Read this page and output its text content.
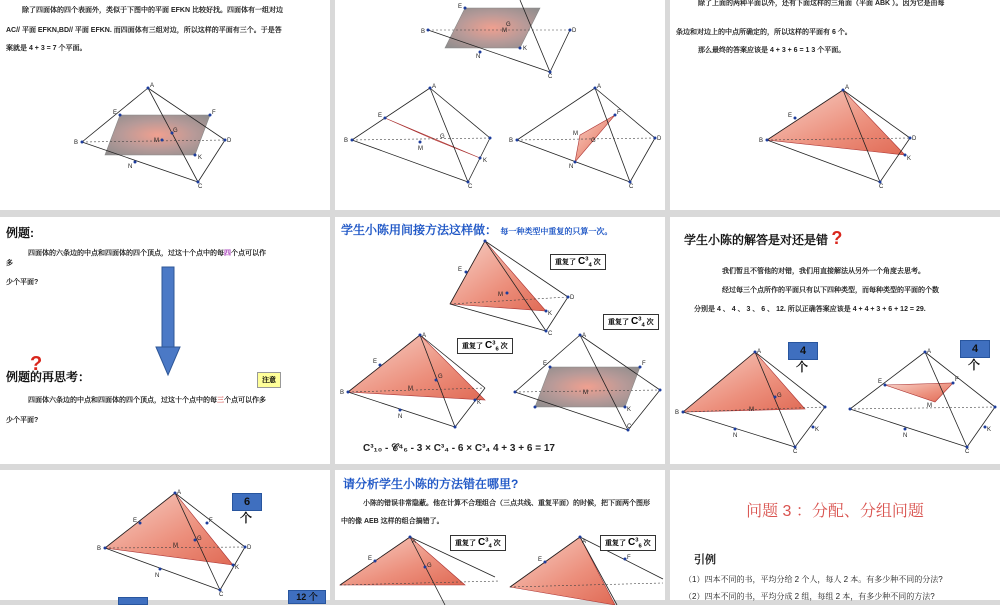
除了四面体的四个表面外，类似于下图中的平面 EFKN 比较好找。四面体有一组对边
AC// 平面 EFKN,BD// 平面 EFKN. 而四面体有三组对边，所以这样的平面有三个。于是答
案就是 4 + 3 = 7 个平面。
A
B	D
C
E	F
K
N
M
G
E
B	D
K
N
C
M
G
A
B
E
K
C
M
G
A
B	D
F
N
C
M
G
除了上面的两种平面以外，还有下面这样的三角面（平面 ABK ）。因为它是由每
条边和对边上的中点所确定的，所以这样的平面有 6 个。
那么最终的答案应该是 4 + 3 + 6 = 1 3 个平面。
A
B	D
E
K
C
例题:
四面体的六条边的中点和四面体的四个顶点，过这十个点中的每四个点可以作
多
少个平面?
?
例题的再思考：	注意
四面体六条边的中点和四面体的四个顶点，过这十个点中的每三个点可以作多
少个平面?
学生小陈用间接方法这样做： 每一种类型中重复的只算一次。
E
D
K
C
M
重复了 $C^3_4$ 次
重复了 $C^3_6$ 次
重复了 $C^3_4$ 次
A
B
E
G
K
N
M
A
E	F
K
C
M
C³₁₀ - 𝒞⁴₆ - 3 × C³₄ - 6 × C³₄ 4 + 3 + 6 = 17
学生小陈的解答是对还是错 ?
我们暂且不管他的对错，我们用直接解法从另外一个角度去思考。
经过每三个点所作的平面只有以下四种类型，而每种类型的平面的个数
分别是 4 、 4 、 3 、 6 、 12. 所以正确答案应该是 4 + 4 + 3 + 6 + 12 = 29.
A
B
G
K
N
C
M
4
个
A
E	F
K
N
C
M
4
个
A
B	D
E	F
G
K
N
C
M
6
个
12 个
请分析学生小陈的方法错在哪里?
小陈的错误非常隐蔽。他在计算不合理组合（三点共线、重复平面）的时候，把下面两个图形
中的像 AEB 这样的组合搞错了。
A
E
G
重复了 $C^3_4$ 次	A
E	F
重复了 $C^3_6$ 次
问题 3 ：分配、分组问题
引例
（1）四本不同的书，平均分给 2 个人，每人 2 本。有多少种不同的分法?
（2）四本不同的书，平均分成 2 组，每组 2 本，有多少种不同的方法?
